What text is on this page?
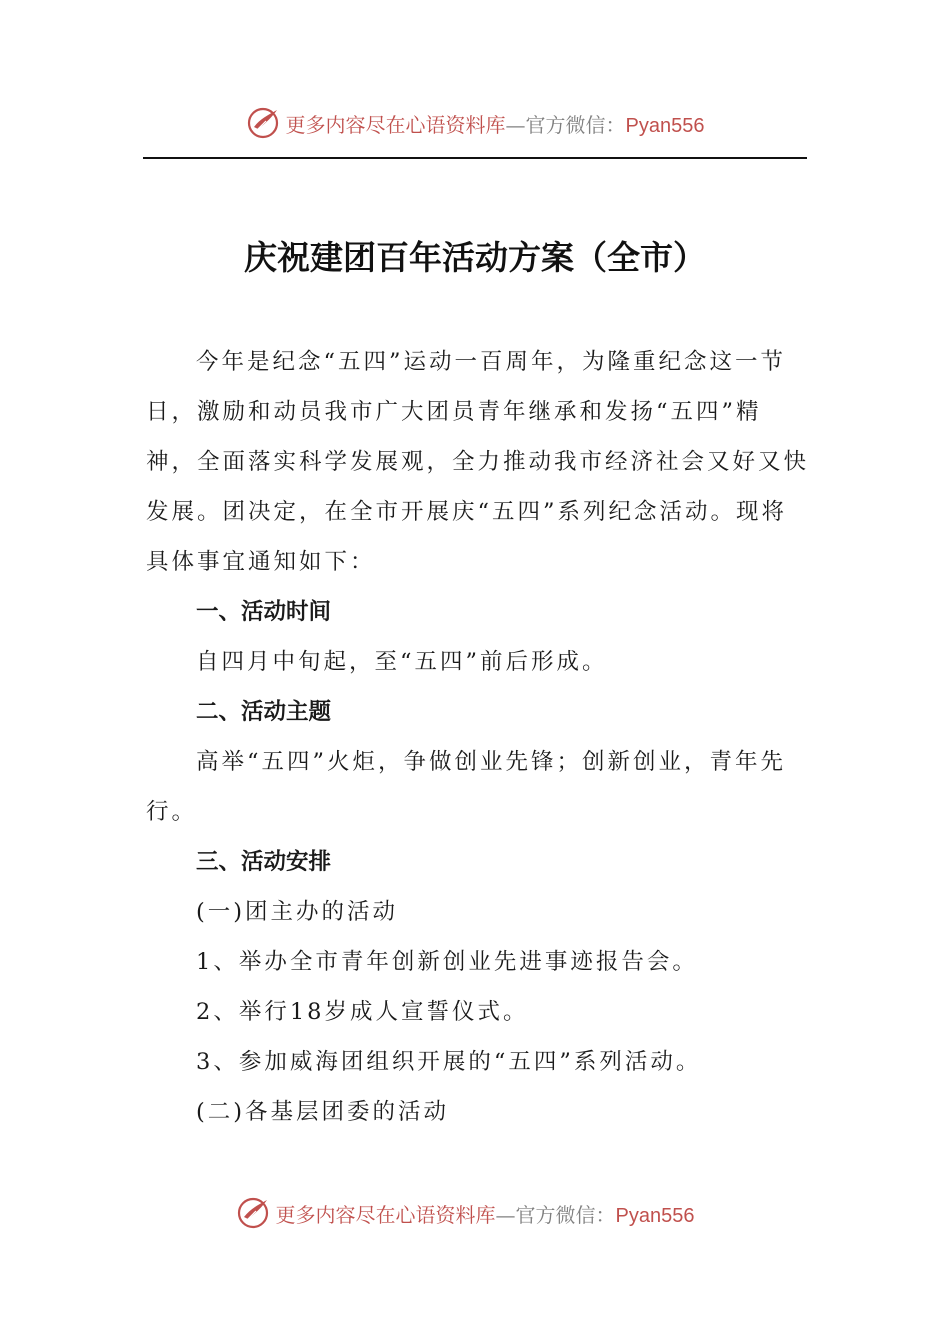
更多内容尽在心语资料库—官方微信：Pyan556
庆祝建团百年活动方案（全市）

今年是纪念“五四”运动一百周年，为隆重纪念这一节日，激励和动员我市广大团员青年继承和发扬“五四”精神，全面落实科学发展观，全力推动我市经济社会又好又快发展。团决定，在全市开展庆“五四”系列纪念活动。现将具体事宜通知如下：

一、活动时间

自四月中旬起，至“五四”前后形成。

二、活动主题

高举“五四”火炬，争做创业先锋；创新创业，青年先行。

三、活动安排

(一)团主办的活动

1、举办全市青年创新创业先进事迹报告会。

2、举行18岁成人宣誓仪式。

3、参加威海团组织开展的“五四”系列活动。

(二)各基层团委的活动

更多内容尽在心语资料库—官方微信：Pyan556
